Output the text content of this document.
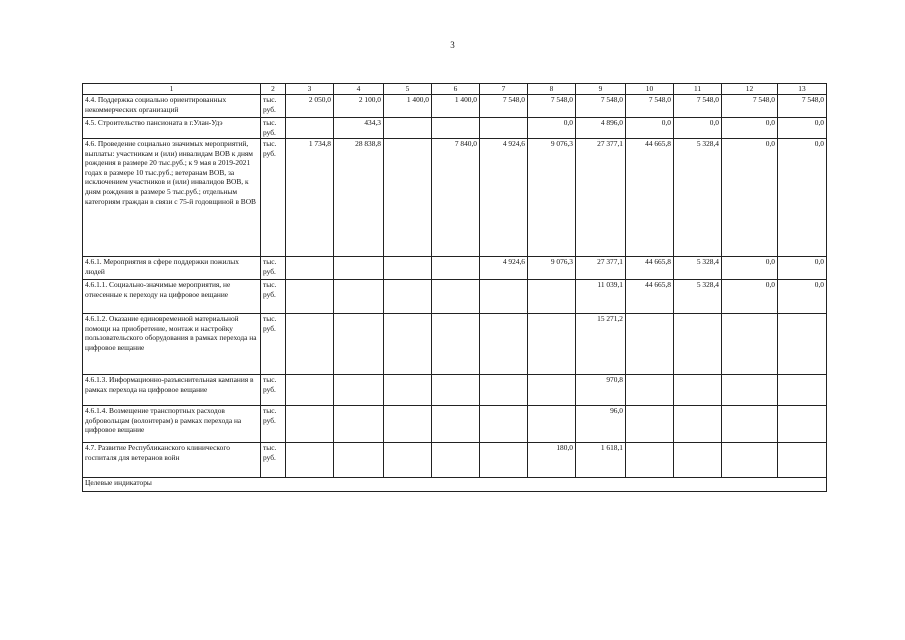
3
1	2	3	4	5	6	7	8	9	10	11	12	13
4.4. Поддержка социально ориентированных некоммерческих организаций	тыс. руб.	2 050,0	2 100,0	1 400,0	1 400,0	7 548,0	7 548,0	7 548,0	7 548,0	7 548,0	7 548,0	7 548,0
4.5. Строительство пансионата в г.Улан-Удэ	тыс. руб.		434,3				0,0	4 896,0	0,0	0,0	0,0	0,0
4.6. Проведение социально значимых мероприятий, выплаты: участникам и (или) инвалидам ВОВ к дням рождения в размере 20 тыс.руб.; к 9 мая в 2019-2021 годах в размере 10 тыс.руб.; ветеранам ВОВ, за исключением участников и (или) инвалидов ВОВ, к дням рождения в размере 5 тыс.руб.; отдельным категориям граждан в связи с 75-й годовщиной в ВОВ	тыс. руб.	1 734,8	28 838,8		7 840,0	4 924,6	9 076,3	27 377,1	44 665,8	5 328,4	0,0	0,0
4.6.1. Мероприятия в сфере поддержки пожилых людей	тыс. руб.					4 924,6	9 076,3	27 377,1	44 665,8	5 328,4	0,0	0,0
4.6.1.1. Социально-значимые мероприятия, не отнесенные к переходу на цифровое вещание	тыс. руб.							11 039,1	44 665,8	5 328,4	0,0	0,0
4.6.1.2. Оказание единовременной материальной помощи на приобретение, монтаж и настройку пользовательского оборудования в рамках перехода на цифровое вещание	тыс. руб.							15 271,2				
4.6.1.3. Информационно-разъяснительная кампания в рамках перехода на цифровое вещание	тыс. руб.							970,8				
4.6.1.4. Возмещение транспортных расходов добровольцам (волонтерам) в рамках перехода на цифровое вещание	тыс. руб.							96,0				
4.7. Развитие Республиканского клинического госпиталя для ветеранов войн	тыс. руб.						180,0	1 618,1				
Целевые индикаторы												
